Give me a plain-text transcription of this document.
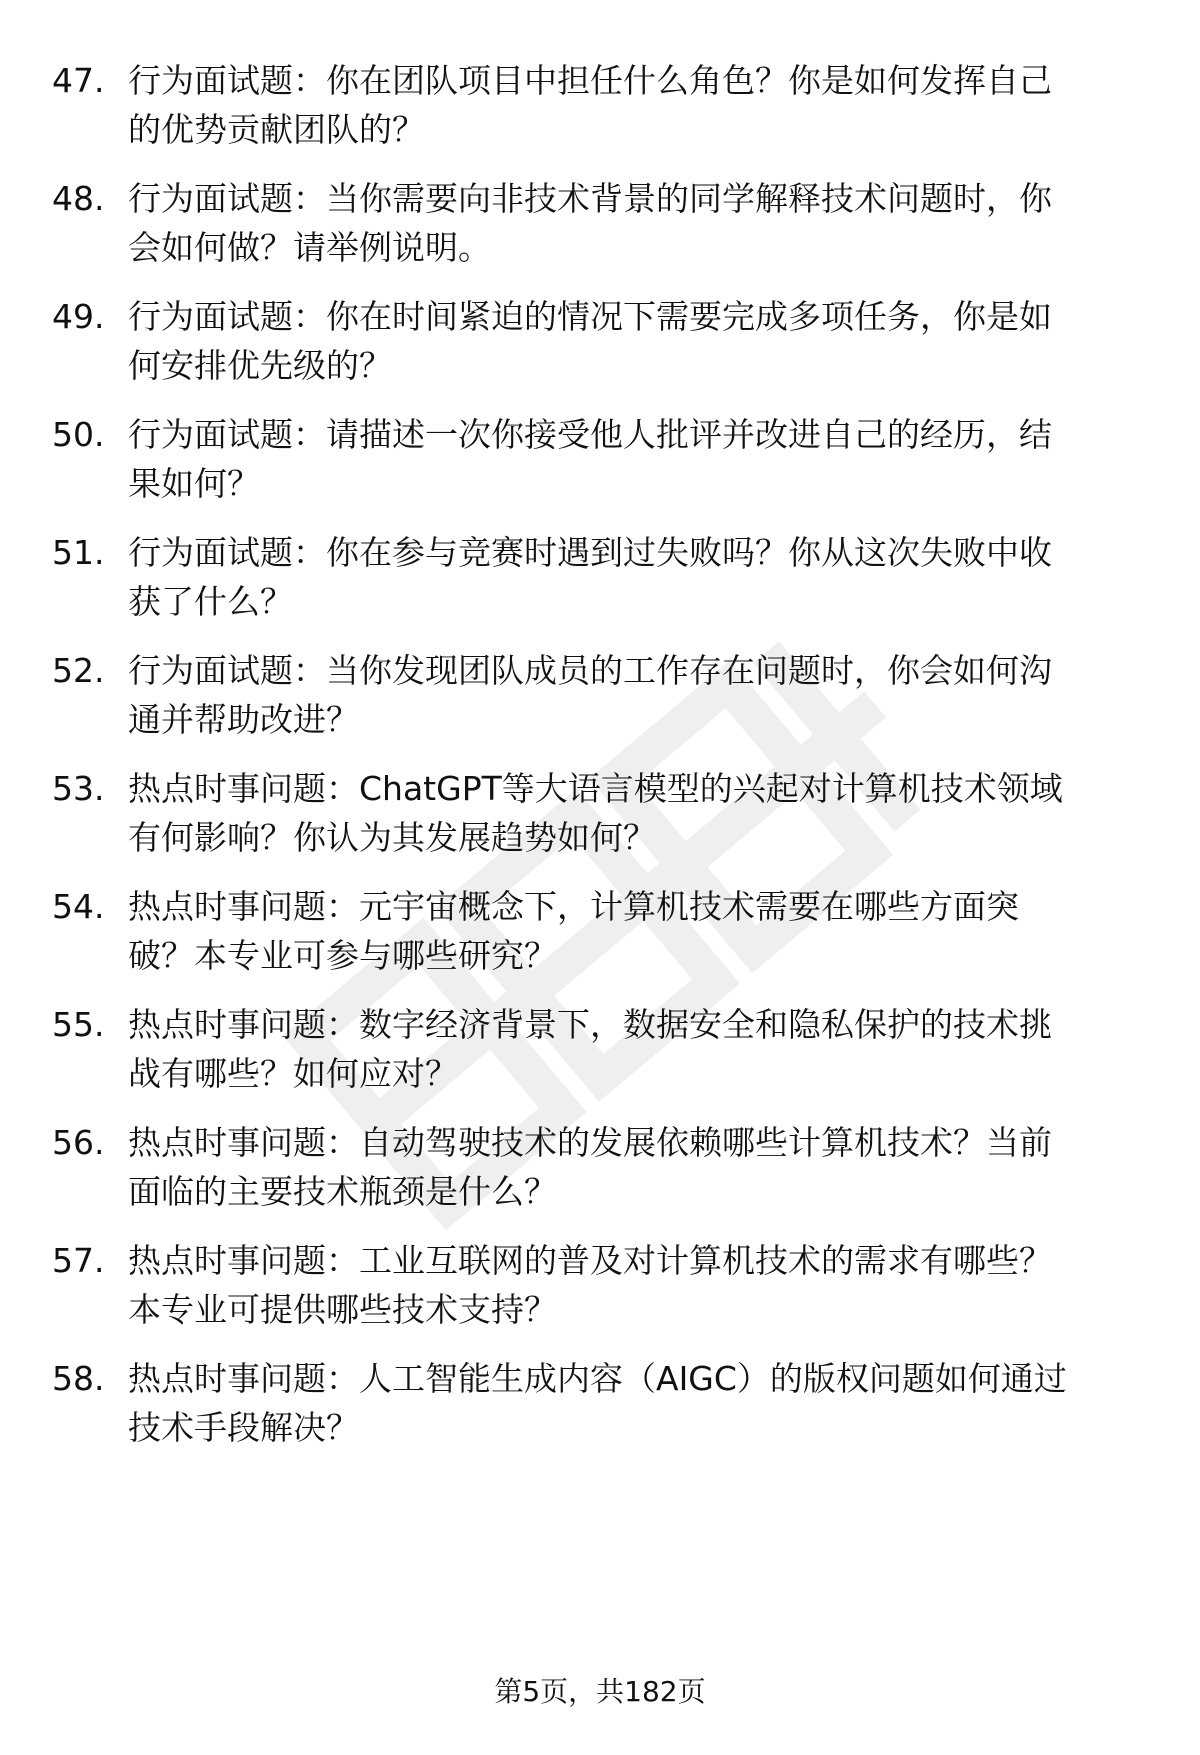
47. 行为面试题：你在团队项目中担任什么角色？你是如何发挥自己
的优势贡献团队的？
48. 行为面试题：当你需要向非技术背景的同学解释技术问题时，你
会如何做？请举例说明。
49. 行为面试题：你在时间紧迫的情况下需要完成多项任务，你是如
何安排优先级的？
50. 行为面试题：请描述一次你接受他人批评并改进自己的经历，结
果如何？
51. 行为面试题：你在参与竞赛时遇到过失败吗？你从这次失败中收
获了什么？
52. 行为面试题：当你发现团队成员的工作存在问题时，你会如何沟
通并帮助改进？
53. 热点时事问题：ChatGPT等大语言模型的兴起对计算机技术领域
有何影响？你认为其发展趋势如何？
54. 热点时事问题：元宇宙概念下，计算机技术需要在哪些方面突
破？本专业可参与哪些研究？
55. 热点时事问题：数字经济背景下，数据安全和隐私保护的技术挑
战有哪些？如何应对？
56. 热点时事问题：自动驾驶技术的发展依赖哪些计算机技术？当前
面临的主要技术瓶颈是什么？
57. 热点时事问题：工业互联网的普及对计算机技术的需求有哪些？
本专业可提供哪些技术支持？
58. 热点时事问题：人工智能生成内容（AIGC）的版权问题如何通过
技术手段解决？
第5页，共182页
